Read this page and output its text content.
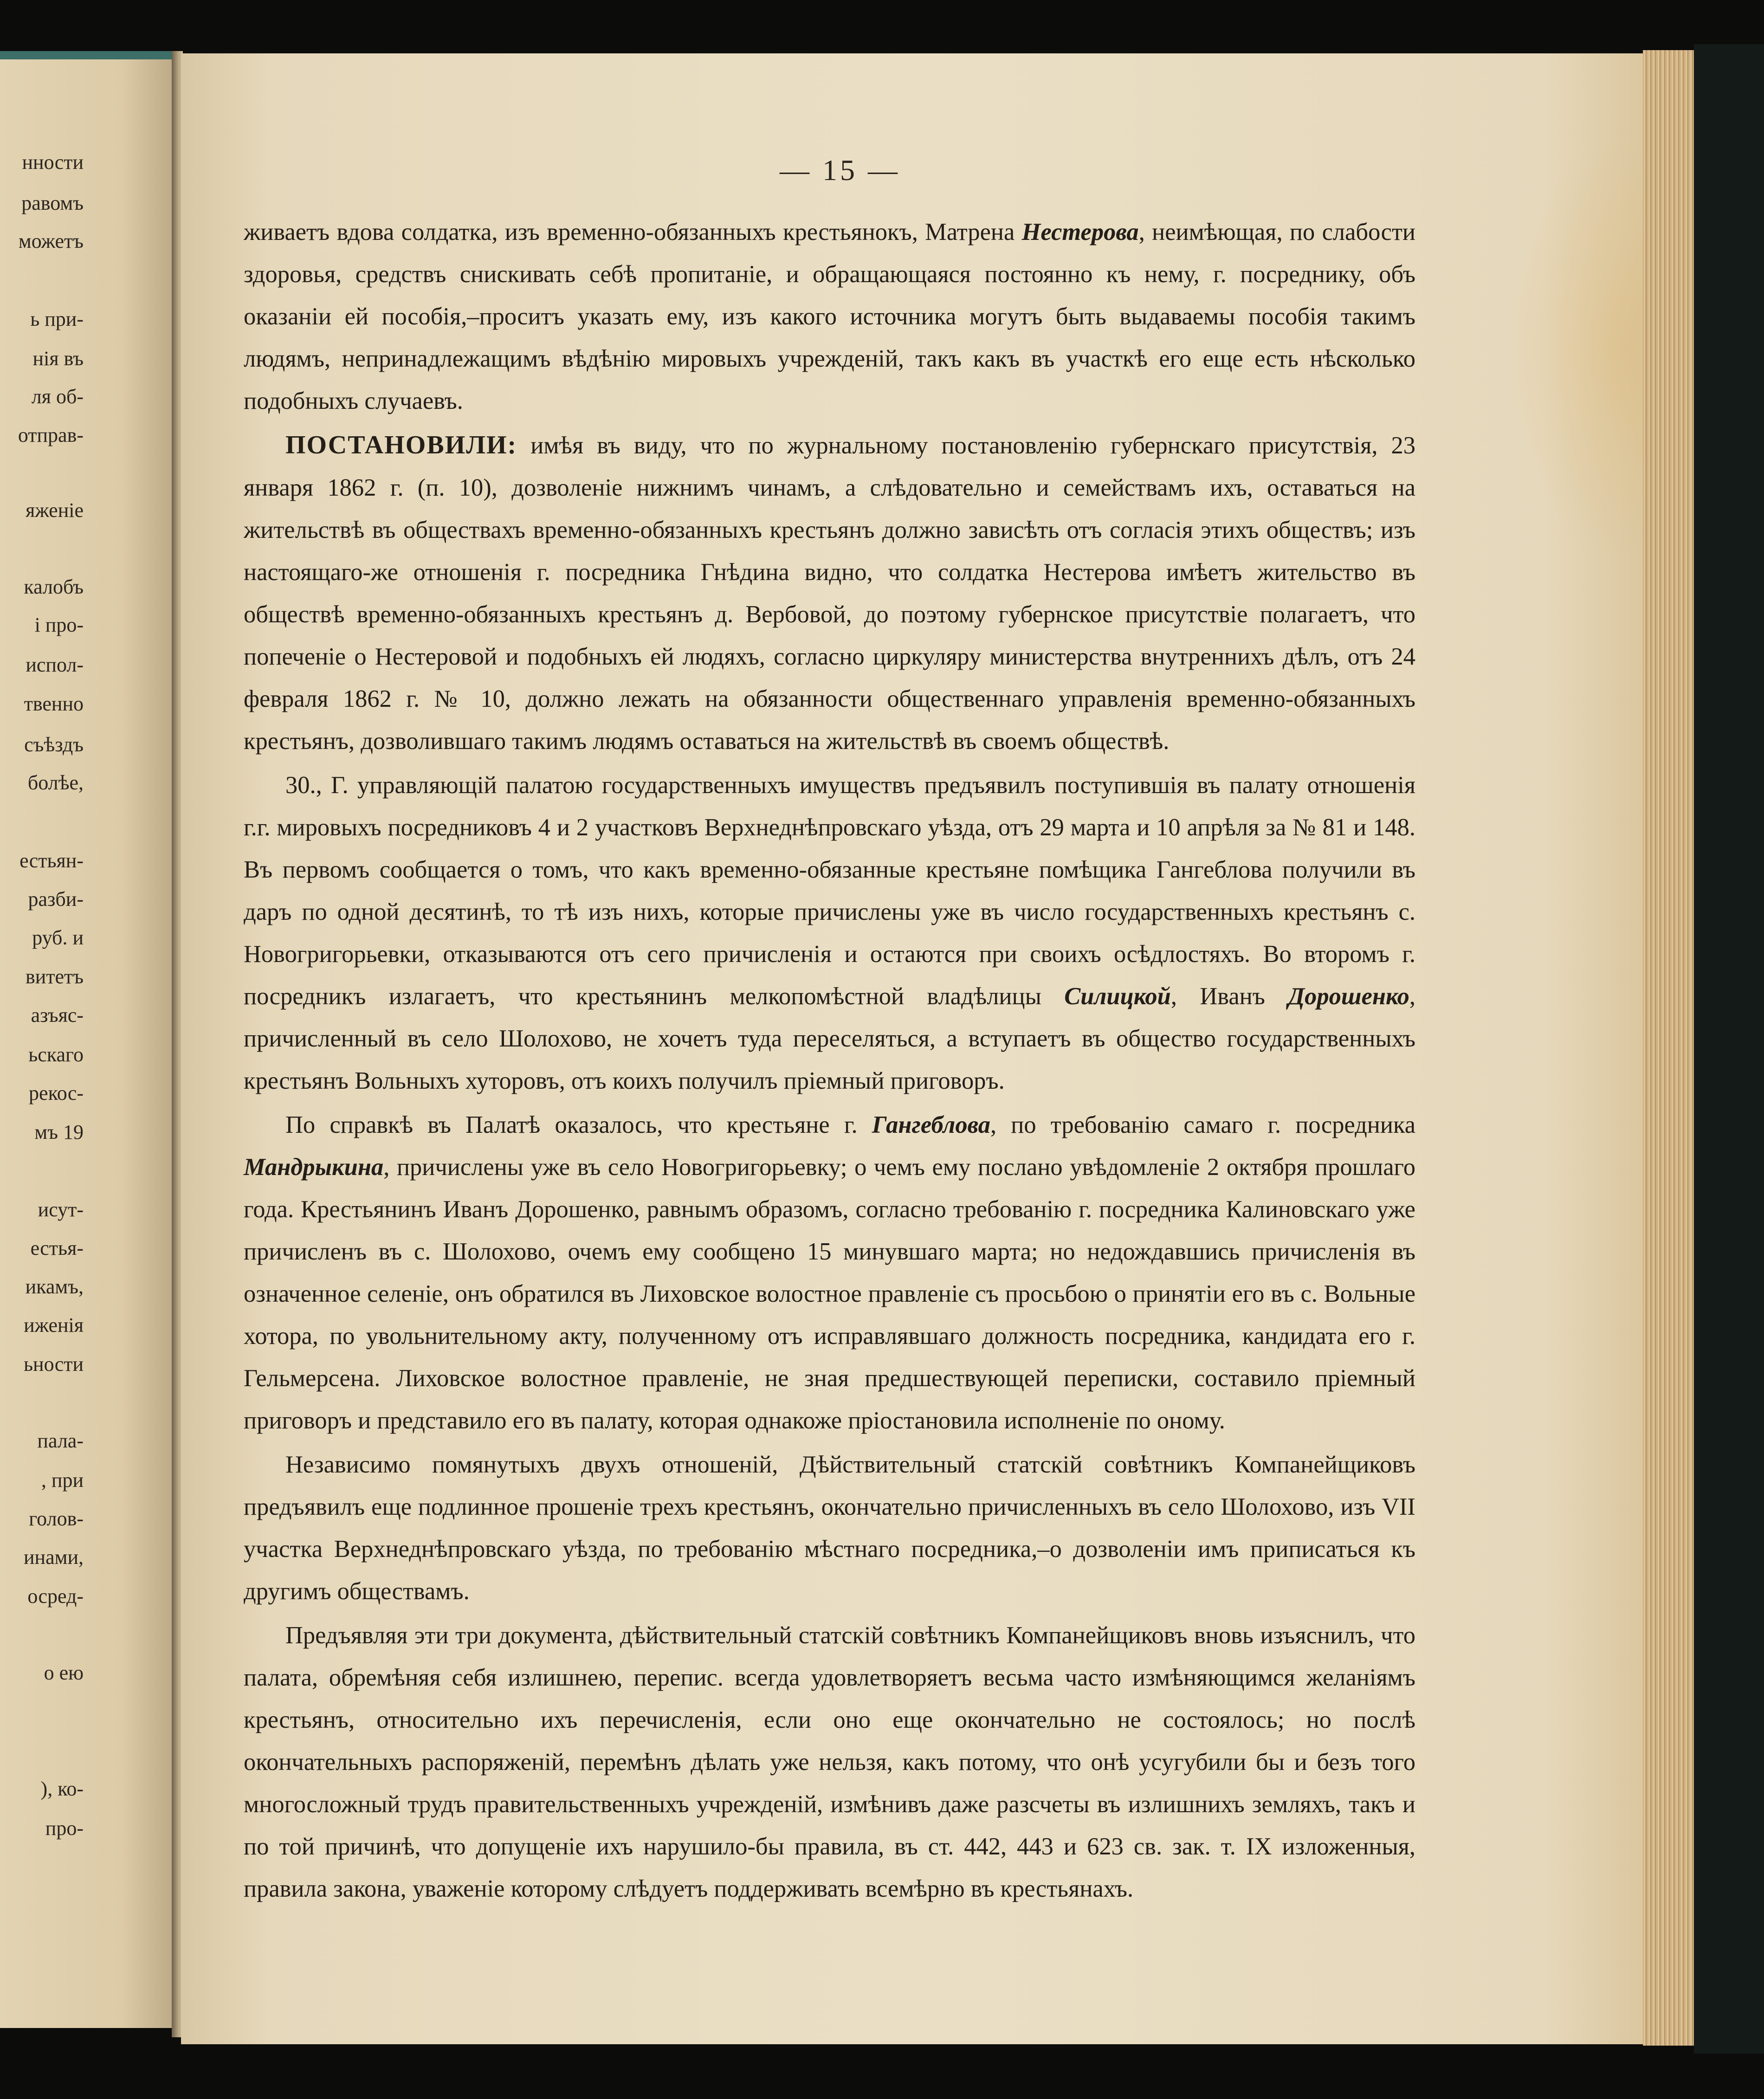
нности
равомъ
можетъ
ь при-
нія въ
ля об-
отправ-
яженіе
калобъ
і про-
испол-
твенно
съѣздъ
болѣе,
естьян-
разби-
руб. и
витетъ
азъяс-
ьскаго
рекос-
мъ 19
исут-
естья-
икамъ,
иженія
ьности
пала-
, при
голов-
инами,
осред-
о ею
), ко-
про-
— 15 —

живаетъ вдова солдатка, изъ временно-обязанныхъ крестьянокъ, Матрена Нестерова, неимѣющая, по слабости здоровья, средствъ снискивать себѣ пропитаніе, и обращающаяся постоянно къ нему, г. посреднику, объ оказаніи ей пособія,–проситъ указать ему, изъ какого источника могутъ быть выдаваемы пособія такимъ людямъ, непринадлежащимъ вѣдѣнію мировыхъ учрежденій, такъ какъ въ участкѣ его еще есть нѣсколько подобныхъ случаевъ.

ПОСТАНОВИЛИ: имѣя въ виду, что по журнальному постановленію губернскаго присутствія, 23 января 1862 г. (п. 10), дозволеніе нижнимъ чинамъ, а слѣдовательно и семействамъ ихъ, оставаться на жительствѣ въ обществахъ временно-обязанныхъ крестьянъ должно зависѣть отъ согласія этихъ обществъ; изъ настоящаго-же отношенія г. посредника Гнѣдина видно, что солдатка Нестерова имѣетъ жительство въ обществѣ временно-обязанныхъ крестьянъ д. Вербовой, до поэтому губернское присутствіе полагаетъ, что попеченіе о Нестеровой и подобныхъ ей людяхъ, согласно циркуляру министерства внутреннихъ дѣлъ, отъ 24 февраля 1862 г. № 10, должно лежать на обязанности общественнаго управленія временно-обязанныхъ крестьянъ, дозволившаго такимъ людямъ оставаться на жительствѣ въ своемъ обществѣ.

30., Г. управляющій палатою государственныхъ имуществъ предъявилъ поступившія въ палату отношенія г.г. мировыхъ посредниковъ 4 и 2 участковъ Верхнеднѣпровскаго уѣзда, отъ 29 марта и 10 апрѣля за № 81 и 148. Въ первомъ сообщается о томъ, что какъ временно-обязанные крестьяне помѣщика Гангеблова получили въ даръ по одной десятинѣ, то тѣ изъ нихъ, которые причислены уже въ число государственныхъ крестьянъ с. Новогригорьевки, отказываются отъ сего причисленія и остаются при своихъ осѣдлостяхъ. Во второмъ г. посредникъ излагаетъ, что крестьянинъ мелкопомѣстной владѣлицы Силицкой, Иванъ Дорошенко, причисленный въ село Шолохово, не хочетъ туда переселяться, а вступаетъ въ общество государственныхъ крестьянъ Вольныхъ хуторовъ, отъ коихъ получилъ пріемный приговоръ.

По справкѣ въ Палатѣ оказалось, что крестьяне г. Гангеблова, по требованію самаго г. посредника Мандрыкина, причислены уже въ село Новогригорьевку; о чемъ ему послано увѣдомленіе 2 октября прошлаго года. Крестьянинъ Иванъ Дорошенко, равнымъ образомъ, согласно требованію г. посредника Калиновскаго уже причисленъ въ с. Шолохово, очемъ ему сообщено 15 минувшаго марта; но недождавшись причисленія въ означенное селеніе, онъ обратился въ Лиховское волостное правленіе съ просьбою о принятіи его въ с. Вольные хотора, по увольнительному акту, полученному отъ исправлявшаго должность посредника, кандидата его г. Гельмерсена. Лиховское волостное правленіе, не зная предшествующей переписки, составило пріемный приговоръ и представило его въ палату, которая однакоже пріостановила исполненіе по оному.

Независимо помянутыхъ двухъ отношеній, Дѣйствительный статскій совѣтникъ Компанейщиковъ предъявилъ еще подлинное прошеніе трехъ крестьянъ, окончательно причисленныхъ въ село Шолохово, изъ VII участка Верхнеднѣпровскаго уѣзда, по требованію мѣстнаго посредника,–о дозволеніи имъ приписаться къ другимъ обществамъ.

Предъявляя эти три документа, дѣйствительный статскій совѣтникъ Компанейщиковъ вновь изъяснилъ, что палата, обремѣняя себя излишнею, перепис. всегда удовлетворяетъ весьма часто измѣняющимся желаніямъ крестьянъ, относительно ихъ перечисленія, если оно еще окончательно не состоялось; но послѣ окончательныхъ распоряженій, перемѣнъ дѣлать уже нельзя, какъ потому, что онѣ усугубили бы и безъ того многосложный трудъ правительственныхъ учрежденій, измѣнивъ даже разсчеты въ излишнихъ земляхъ, такъ и по той причинѣ, что допущеніе ихъ нарушило-бы правила, въ ст. 442, 443 и 623 св. зак. т. IX изложенныя, правила закона, уваженіе которому слѣдуетъ поддерживать всемѣрно въ крестьянахъ.
